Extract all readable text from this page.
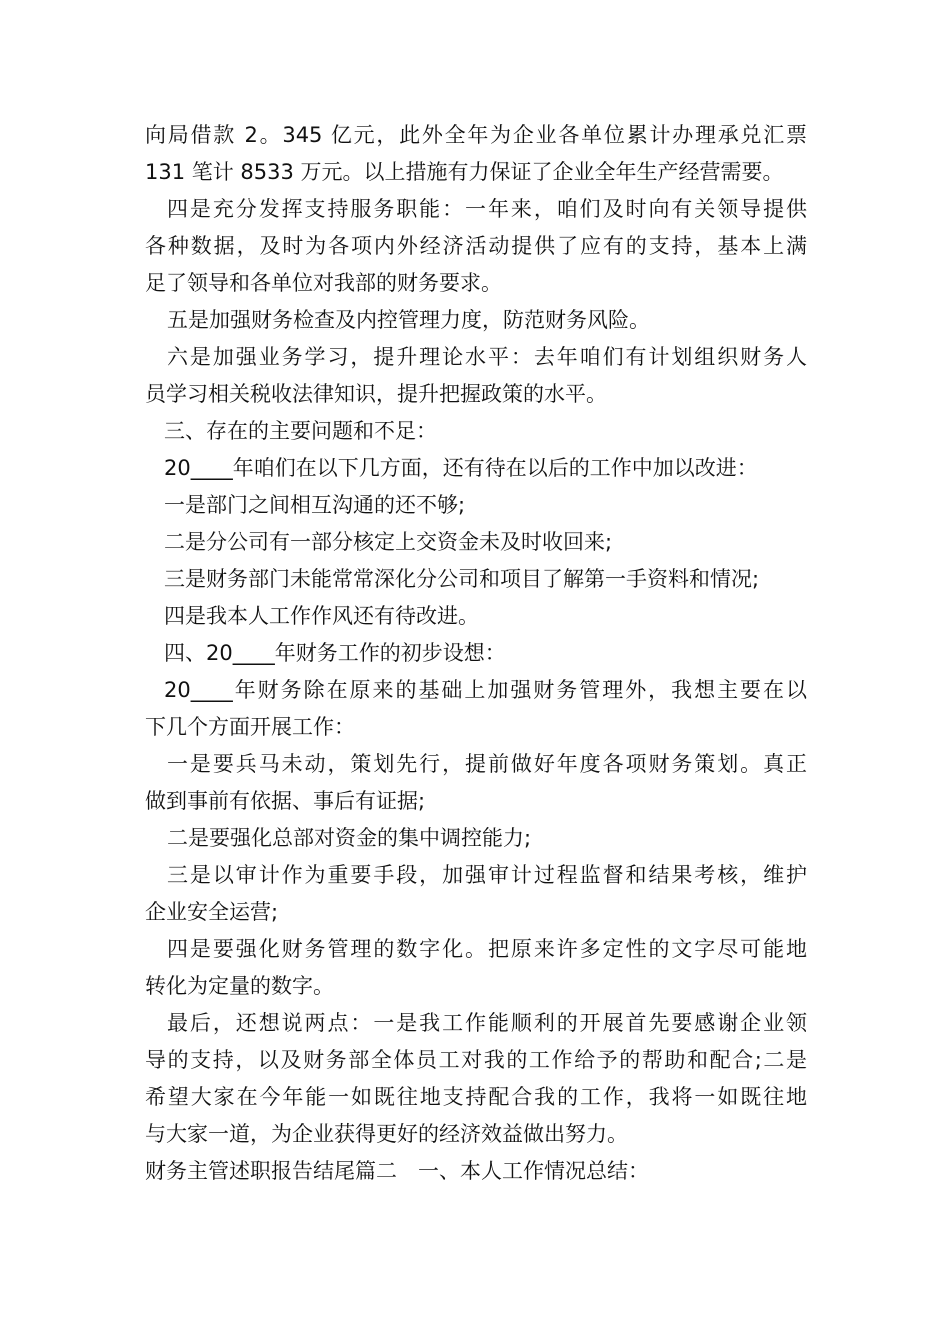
向局借款 2。345 亿元，此外全年为企业各单位累计办理承兑汇票
131 笔计 8533 万元。以上措施有力保证了企业全年生产经营需要。
四是充分发挥支持服务职能：一年来，咱们及时向有关领导提供
各种数据，及时为各项内外经济活动提供了应有的支持，基本上满
足了领导和各单位对我部的财务要求。
五是加强财务检查及内控管理力度，防范财务风险。
六是加强业务学习，提升理论水平：去年咱们有计划组织财务人
员学习相关税收法律知识，提升把握政策的水平。
三、存在的主要问题和不足：
20____年咱们在以下几方面，还有待在以后的工作中加以改进：
一是部门之间相互沟通的还不够;
二是分公司有一部分核定上交资金未及时收回来;
三是财务部门未能常常深化分公司和项目了解第一手资料和情况;
四是我本人工作作风还有待改进。
四、20____年财务工作的初步设想：
20____年财务除在原来的基础上加强财务管理外，我想主要在以
下几个方面开展工作：
一是要兵马未动，策划先行，提前做好年度各项财务策划。真正
做到事前有依据、事后有证据;
二是要强化总部对资金的集中调控能力;
三是以审计作为重要手段，加强审计过程监督和结果考核，维护
企业安全运营;
四是要强化财务管理的数字化。把原来许多定性的文字尽可能地
转化为定量的数字。
最后，还想说两点：一是我工作能顺利的开展首先要感谢企业领
导的支持，以及财务部全体员工对我的工作给予的帮助和配合;二是
希望大家在今年能一如既往地支持配合我的工作，我将一如既往地
与大家一道，为企业获得更好的经济效益做出努力。
财务主管述职报告结尾篇二　一、本人工作情况总结：
